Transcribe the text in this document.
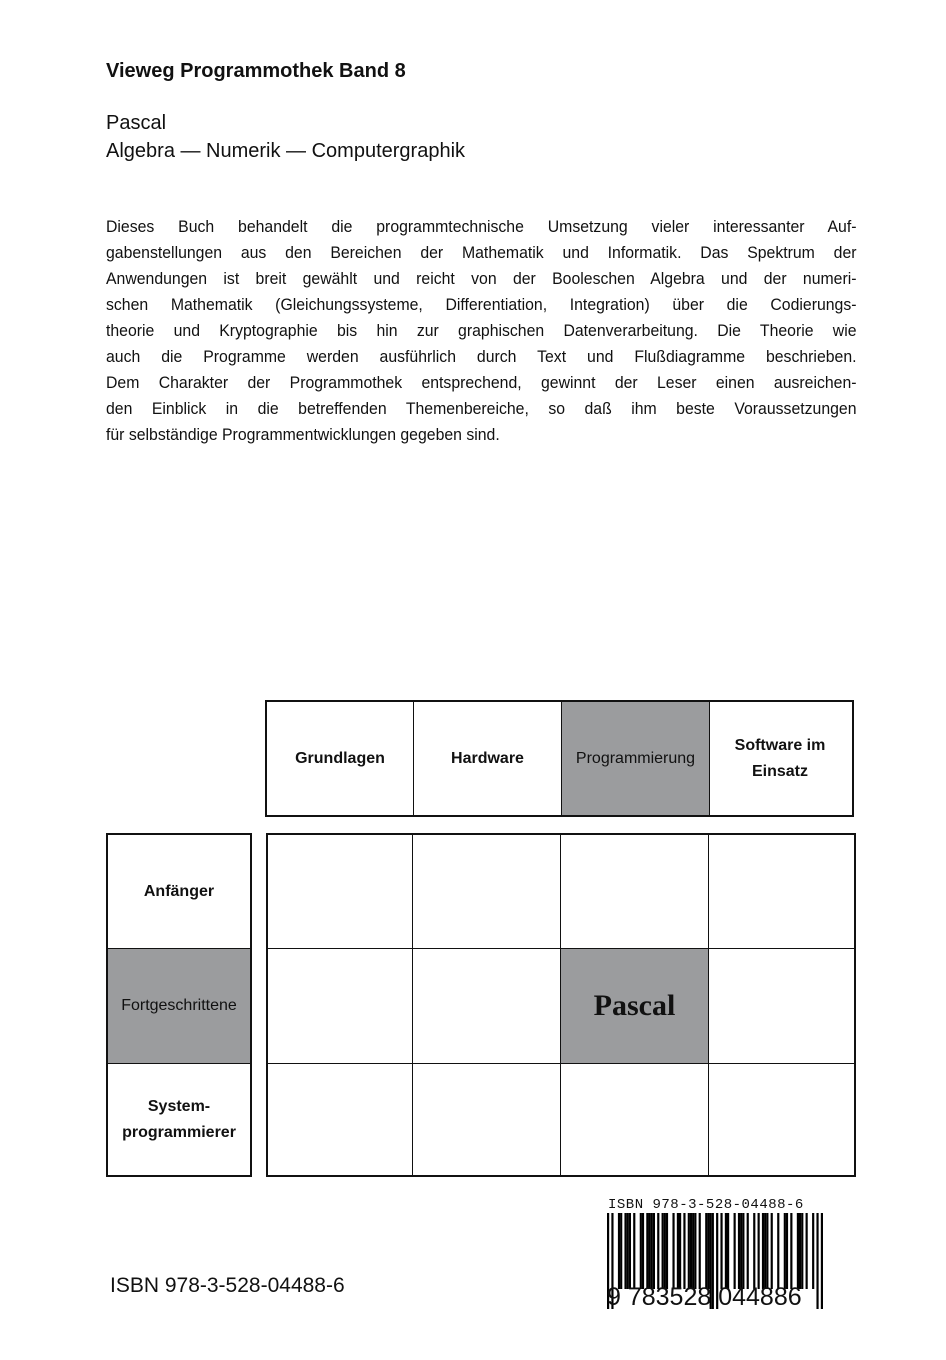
Vieweg Programmothek Band 8
Pascal
Algebra — Numerik — Computergraphik
Dieses Buch behandelt die programmtechnische Umsetzung vieler interessanter Auf-
gabenstellungen aus den Bereichen der Mathematik und Informatik. Das Spektrum der
Anwendungen ist breit gewählt und reicht von der Booleschen Algebra und der numeri-
schen Mathematik (Gleichungssysteme, Differentiation, Integration) über die Codierungs-
theorie und Kryptographie bis hin zur graphischen Datenverarbeitung. Die Theorie wie
auch die Programme werden ausführlich durch Text und Flußdiagramme beschrieben.
Dem Charakter der Programmothek entsprechend, gewinnt der Leser einen ausreichen-
den Einblick in die betreffenden Themenbereiche, so daß ihm beste Voraussetzungen
für selbständige Programmentwicklungen gegeben sind.
Grundlagen	Hardware	Programmierung
Software im Einsatz
Anfänger
Fortgeschrittene
System-programmierer
Pascal
ISBN 978-3-528-04488-6
ISBN 978-3-528-04488-6
9 783528 044886
